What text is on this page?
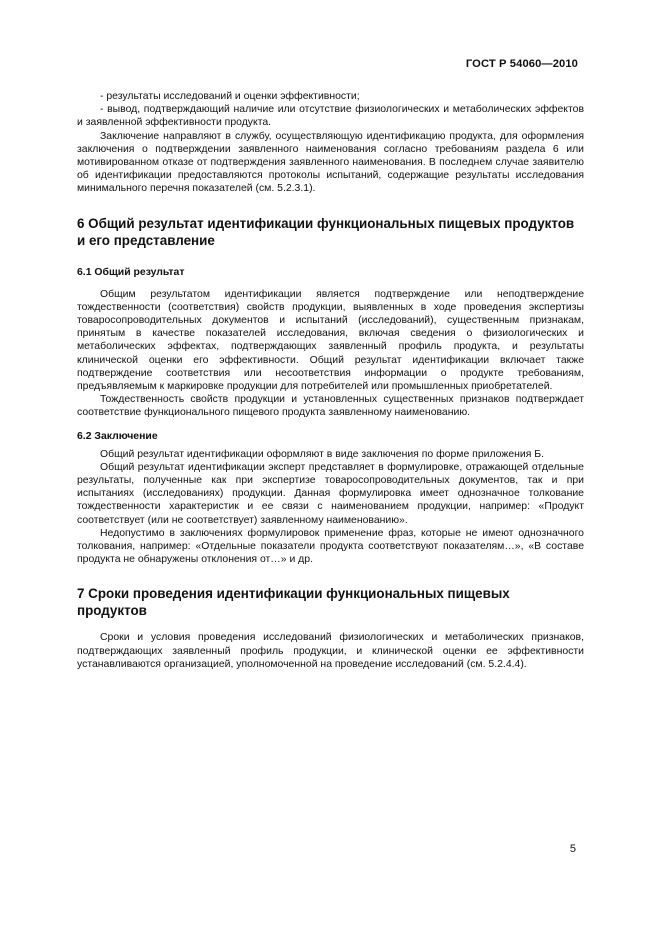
ГОСТ Р 54060—2010

- результаты исследований и оценки эффективности;

- вывод, подтверждающий наличие или отсутствие физиологических и метаболических эффектов и заявленной эффективности продукта.

Заключение направляют в службу, осуществляющую идентификацию продукта, для оформления заключения о подтверждении заявленного наименования согласно требованиям раздела 6 или мотивированном отказе от подтверждения заявленного наименования. В последнем случае заявителю об идентификации предоставляются протоколы испытаний, содержащие результаты исследования минимального перечня показателей (см. 5.2.3.1).

6 Общий результат идентификации функциональных пищевых продуктов и его представление
6.1 Общий результат

Общим результатом идентификации является подтверждение или неподтверждение тождественности (соответствия) свойств продукции, выявленных в ходе проведения экспертизы товаросопроводительных документов и испытаний (исследований), существенным признакам, принятым в качестве показателей исследования, включая сведения о физиологических и метаболических эффектах, подтверждающих заявленный профиль продукта, и результаты клинической оценки его эффективности. Общий результат идентификации включает также подтверждение соответствия или несоответствия информации о продукте требованиям, предъявляемым к маркировке продукции для потребителей или промышленных приобретателей.

Тождественность свойств продукции и установленных существенных признаков подтверждает соответствие функционального пищевого продукта заявленному наименованию.

6.2 Заключение

Общий результат идентификации оформляют в виде заключения по форме приложения Б.

Общий результат идентификации эксперт представляет в формулировке, отражающей отдельные результаты, полученные как при экспертизе товаросопроводительных документов, так и при испытаниях (исследованиях) продукции. Данная формулировка имеет однозначное толкование тождественности характеристик и ее связи с наименованием продукции, например: «Продукт соответствует (или не соответствует) заявленному наименованию».

Недопустимо в заключениях формулировок применение фраз, которые не имеют однозначного толкования, например: «Отдельные показатели продукта соответствуют показателям…», «В составе продукта не обнаружены отклонения от…» и др.

7 Сроки проведения идентификации функциональных пищевых продуктов

Сроки и условия проведения исследований физиологических и метаболических признаков, подтверждающих заявленный профиль продукции, и клинической оценки ее эффективности устанавливаются организацией, уполномоченной на проведение исследований (см. 5.2.4.4).

5
